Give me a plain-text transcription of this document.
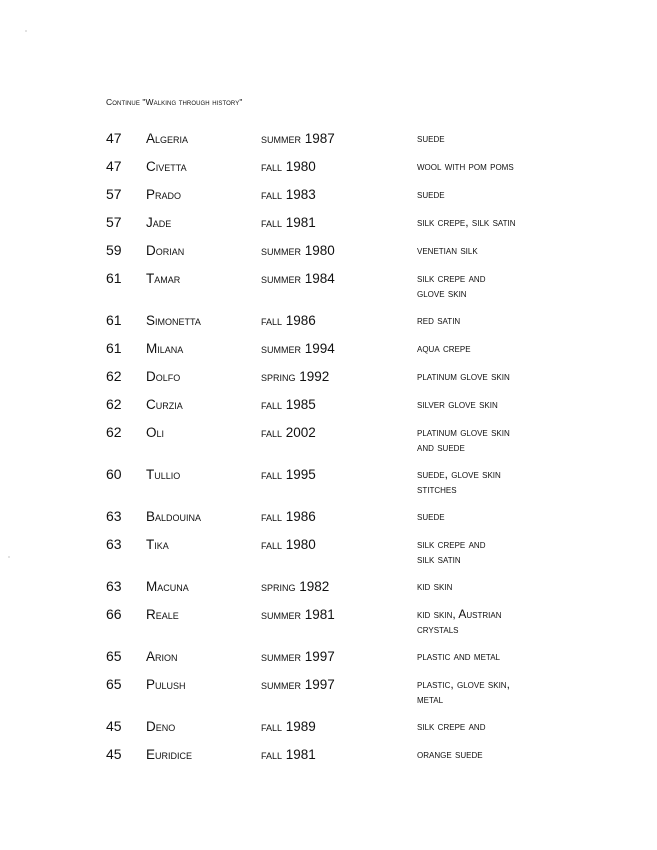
Continue "Walking through history"
47 Algeria	summer 1987	suede
47 Civetta	fall 1980	wool with pom poms
57 Prado	fall 1983	suede
57 Jade	fall 1981	silk crepe, silk satin
59 Dorian	summer 1980	venetian silk
61 Tamar	summer 1984	silk crepe and
glove skin
61 Simonetta	fall 1986	red satin
61 Milana	summer 1994	aqua crepe
62 Dolfo	spring 1992	platinum glove skin
62 Curzia	fall 1985	silver glove skin
62 Oli	fall 2002	platinum glove skin
and suede
60 Tullio	fall 1995	suede, glove skin
stitches
63 Baldouina	fall 1986	suede
63 Tika	fall 1980	silk crepe and
silk satin
63 Macuna	spring 1982	kid skin
66 Reale	summer 1981	kid skin, Austrian
crystals
65 Arion	summer 1997	plastic and metal
65 Pulush	summer 1997	plastic, glove skin,
metal
45 Deno	fall 1989	silk crepe and
45 Euridice	fall 1981	orange suede
